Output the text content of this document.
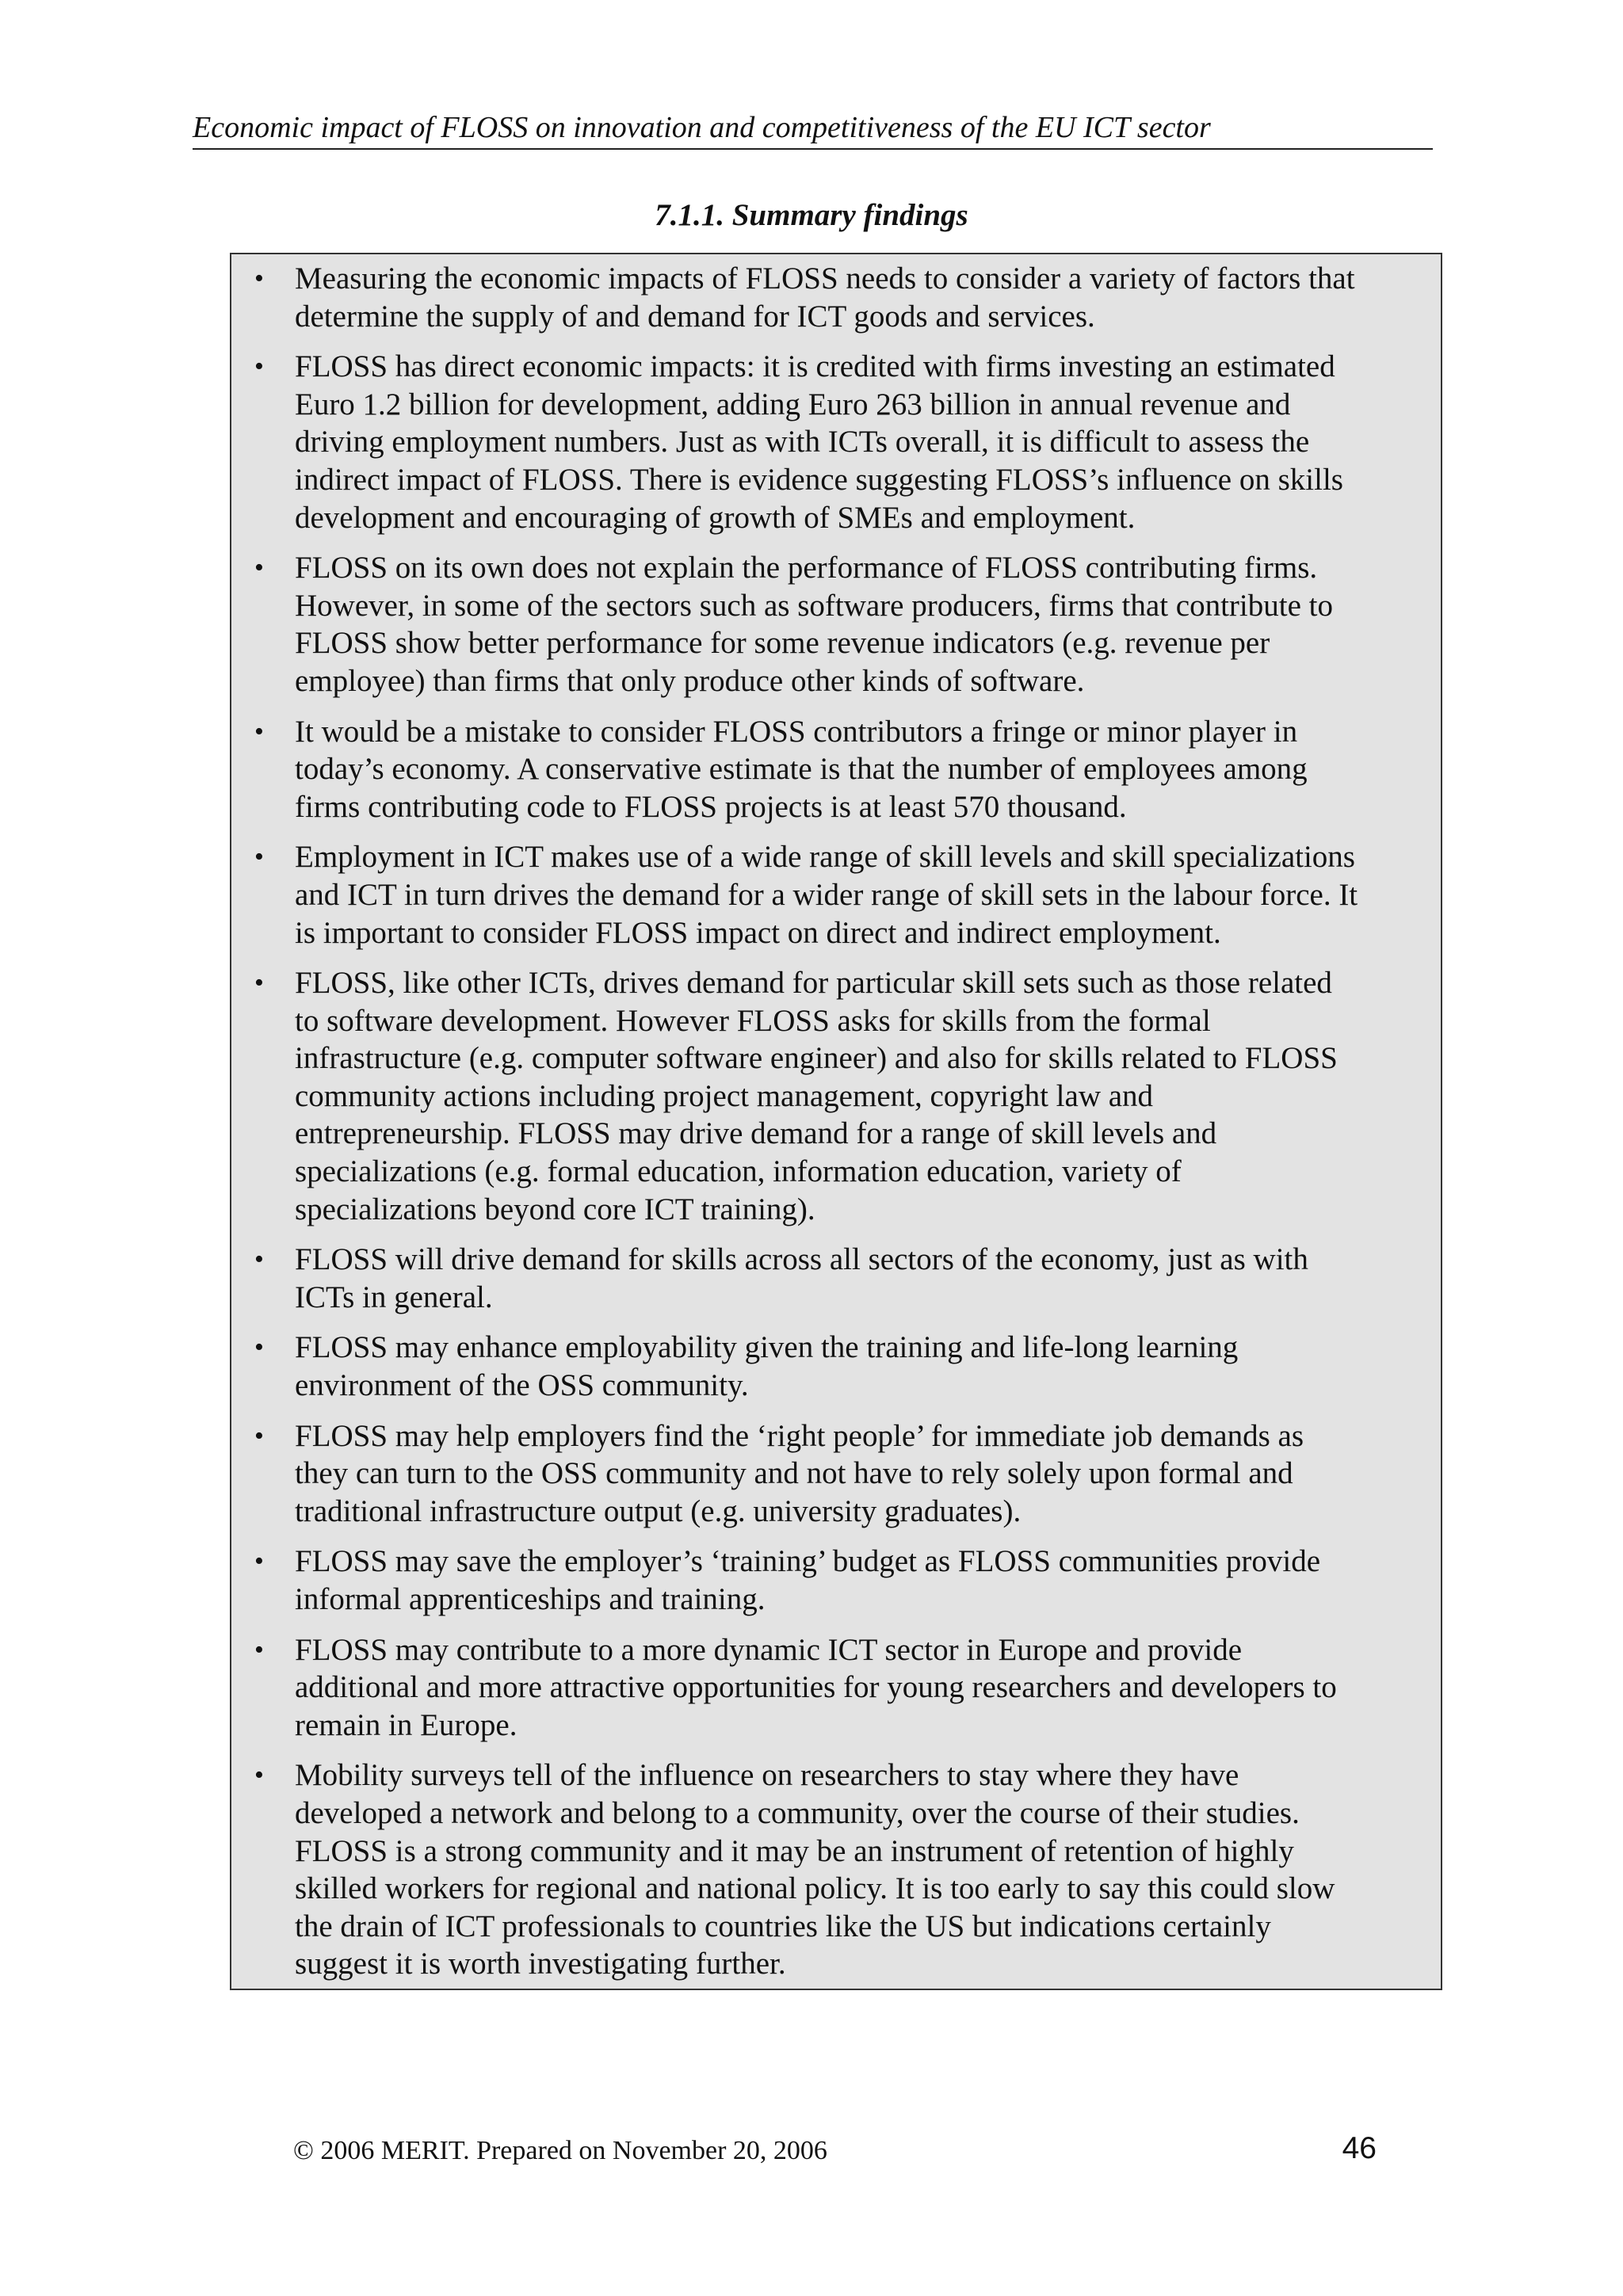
Economic impact of FLOSS on innovation and competitiveness of the EU ICT sector
7.1.1. Summary findings
• Measuring the economic impacts of FLOSS needs to consider a variety of factors that
determine the supply of and demand for ICT goods and services.
• FLOSS has direct economic impacts: it is credited with firms investing an estimated
Euro 1.2 billion for development, adding Euro 263 billion in annual revenue and
driving employment numbers. Just as with ICTs overall, it is difficult to assess the
indirect impact of FLOSS. There is evidence suggesting FLOSS’s influence on skills
development and encouraging of growth of SMEs and employment.
• FLOSS on its own does not explain the performance of FLOSS contributing firms.
However, in some of the sectors such as software producers, firms that contribute to
FLOSS show better performance for some revenue indicators (e.g. revenue per
employee) than firms that only produce other kinds of software.
• It would be a mistake to consider FLOSS contributors a fringe or minor player in
today’s economy. A conservative estimate is that the number of employees among
firms contributing code to FLOSS projects is at least 570 thousand.
• Employment in ICT makes use of a wide range of skill levels and skill specializations
and ICT in turn drives the demand for a wider range of skill sets in the labour force. It
is important to consider FLOSS impact on direct and indirect employment.
• FLOSS, like other ICTs, drives demand for particular skill sets such as those related
to software development. However FLOSS asks for skills from the formal
infrastructure (e.g. computer software engineer) and also for skills related to FLOSS
community actions including project management, copyright law and
entrepreneurship. FLOSS may drive demand for a range of skill levels and
specializations (e.g. formal education, information education, variety of
specializations beyond core ICT training).
• FLOSS will drive demand for skills across all sectors of the economy, just as with
ICTs in general.
• FLOSS may enhance employability given the training and life-long learning
environment of the OSS community.
• FLOSS may help employers find the ‘right people’ for immediate job demands as
they can turn to the OSS community and not have to rely solely upon formal and
traditional infrastructure output (e.g. university graduates).
• FLOSS may save the employer’s ‘training’ budget as FLOSS communities provide
informal apprenticeships and training.
• FLOSS may contribute to a more dynamic ICT sector in Europe and provide
additional and more attractive opportunities for young researchers and developers to
remain in Europe.
• Mobility surveys tell of the influence on researchers to stay where they have
developed a network and belong to a community, over the course of their studies.
FLOSS is a strong community and it may be an instrument of retention of highly
skilled workers for regional and national policy. It is too early to say this could slow
the drain of ICT professionals to countries like the US but indications certainly
suggest it is worth investigating further.
© 2006 MERIT. Prepared on November 20, 2006	46
